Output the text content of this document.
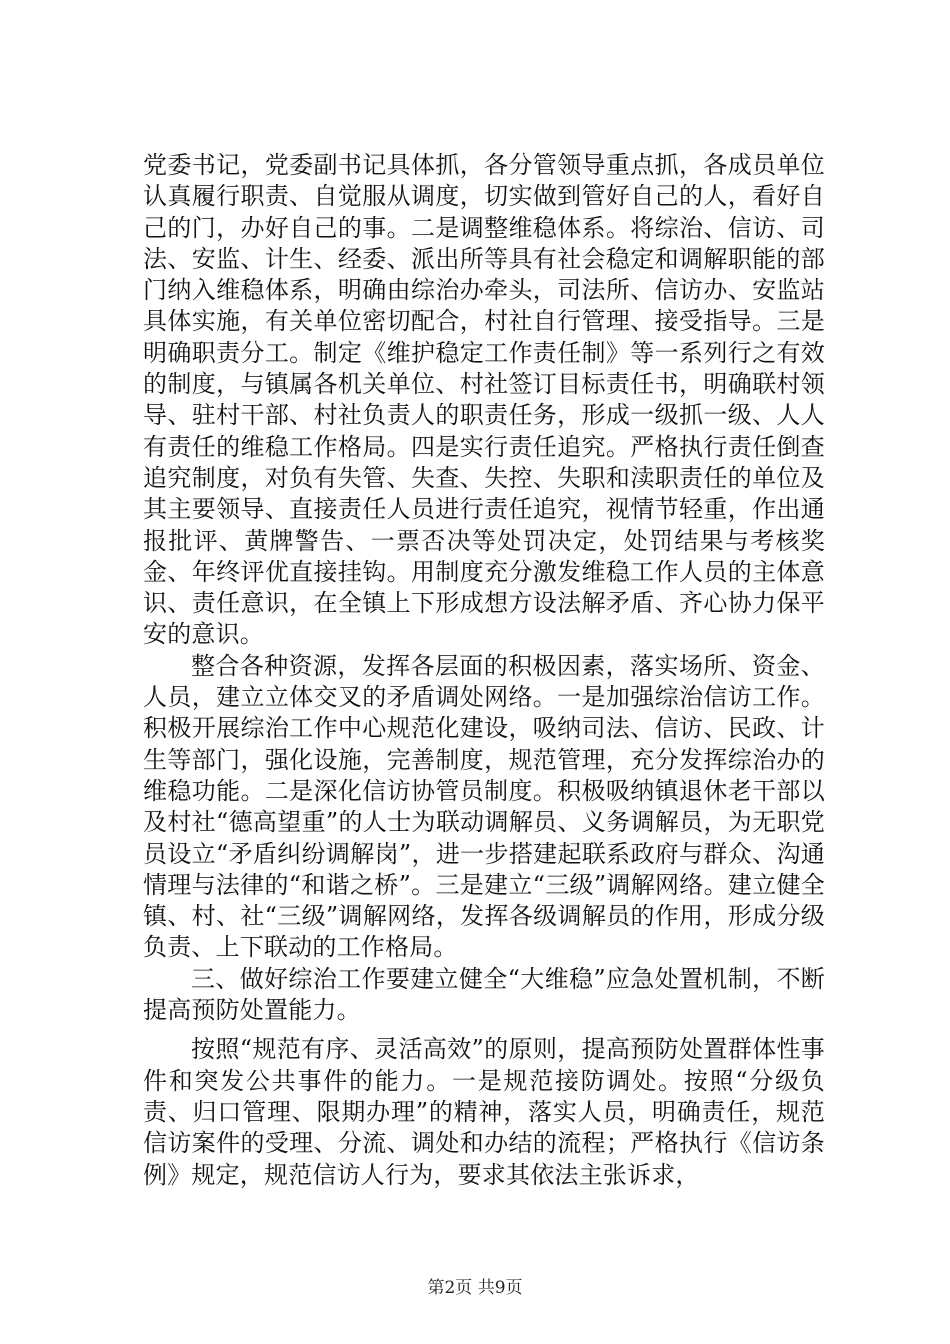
党委书记，党委副书记具体抓，各分管领导重点抓，各成员单位认真履行职责、自觉服从调度，切实做到管好自己的人，看好自己的门，办好自己的事。二是调整维稳体系。将综治、信访、司法、安监、计生、经委、派出所等具有社会稳定和调解职能的部门纳入维稳体系，明确由综治办牵头，司法所、信访办、安监站具体实施，有关单位密切配合，村社自行管理、接受指导。三是明确职责分工。制定《维护稳定工作责任制》等一系列行之有效的制度，与镇属各机关单位、村社签订目标责任书，明确联村领导、驻村干部、村社负责人的职责任务，形成一级抓一级、人人有责任的维稳工作格局。四是实行责任追究。严格执行责任倒查追究制度，对负有失管、失查、失控、失职和渎职责任的单位及其主要领导、直接责任人员进行责任追究，视情节轻重，作出通报批评、黄牌警告、一票否决等处罚决定，处罚结果与考核奖金、年终评优直接挂钩。用制度充分激发维稳工作人员的主体意识、责任意识，在全镇上下形成想方设法解矛盾、齐心协力保平安的意识。

整合各种资源，发挥各层面的积极因素，落实场所、资金、人员，建立立体交叉的矛盾调处网络。一是加强综治信访工作。积极开展综治工作中心规范化建设，吸纳司法、信访、民政、计生等部门，强化设施，完善制度，规范管理，充分发挥综治办的维稳功能。二是深化信访协管员制度。积极吸纳镇退休老干部以及村社“德高望重”的人士为联动调解员、义务调解员，为无职党员设立“矛盾纠纷调解岗”，进一步搭建起联系政府与群众、沟通情理与法律的“和谐之桥”。三是建立“三级”调解网络。建立健全镇、村、社“三级”调解网络，发挥各级调解员的作用，形成分级负责、上下联动的工作格局。

三、做好综治工作要建立健全“大维稳”应急处置机制，不断提高预防处置能力。

按照“规范有序、灵活高效”的原则，提高预防处置群体性事件和突发公共事件的能力。一是规范接防调处。按照“分级负责、归口管理、限期办理”的精神，落实人员，明确责任，规范信访案件的受理、分流、调处和办结的流程；严格执行《信访条例》规定，规范信访人行为，要求其依法主张诉求，

第2页 共9页
